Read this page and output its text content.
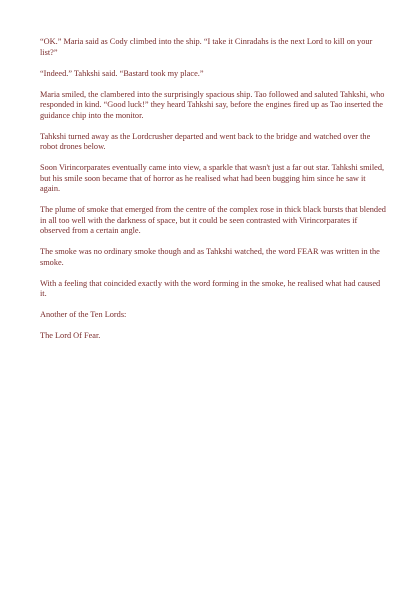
“OK.” Maria said as Cody climbed into the ship. “I take it Cinradahs is the next Lord to kill on your list?”

“Indeed.” Tahkshi said. “Bastard took my place.”

Maria smiled, the clambered into the surprisingly spacious ship. Tao followed and saluted Tahkshi, who responded in kind. “Good luck!” they heard Tahkshi say, before the engines fired up as Tao inserted the guidance chip into the monitor.

Tahkshi turned away as the Lordcrusher departed and went back to the bridge and watched over the robot drones below.

Soon Virincorparates eventually came into view, a sparkle that wasn't just a far out star. Tahkshi smiled, but his smile soon became that of horror as he realised what had been bugging him since he saw it again.

The plume of smoke that emerged from the centre of the complex rose in thick black bursts that blended in all too well with the darkness of space, but it could be seen contrasted with Virincorparates if observed from a certain angle.

The smoke was no ordinary smoke though and as Tahkshi watched, the word FEAR was written in the smoke.

With a feeling that coincided exactly with the word forming in the smoke, he realised what had caused it.

Another of the Ten Lords:

The Lord Of Fear.
